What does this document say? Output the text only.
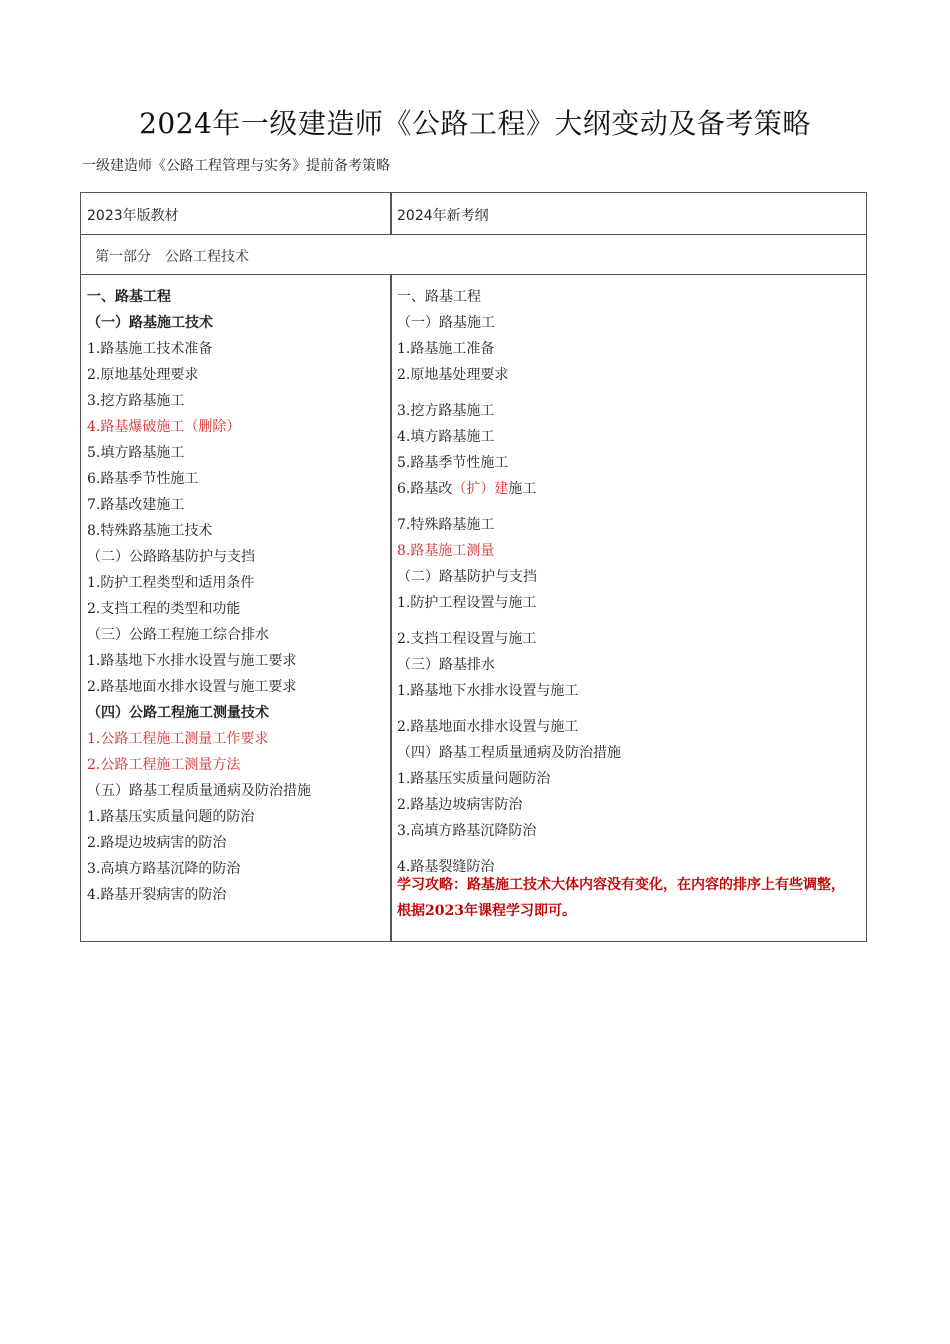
2024年一级建造师《公路工程》大纲变动及备考策略
一级建造师《公路工程管理与实务》提前备考策略
2023年版教材	2024年新考纲
第一部分　公路工程技术
一、路基工程
（一）路基施工技术
1.路基施工技术准备
2.原地基处理要求
3.挖方路基施工
4.路基爆破施工（删除）
5.填方路基施工
6.路基季节性施工
7.路基改建施工
8.特殊路基施工技术
（二）公路路基防护与支挡
1.防护工程类型和适用条件
2.支挡工程的类型和功能
（三）公路工程施工综合排水
1.路基地下水排水设置与施工要求
2.路基地面水排水设置与施工要求
（四）公路工程施工测量技术
1.公路工程施工测量工作要求
2.公路工程施工测量方法
（五）路基工程质量通病及防治措施
1.路基压实质量问题的防治
2.路堤边坡病害的防治
3.高填方路基沉降的防治
4.路基开裂病害的防治
一、路基工程
（一）路基施工
1.路基施工准备
2.原地基处理要求
3.挖方路基施工
4.填方路基施工
5.路基季节性施工
6.路基改（扩）建施工
7.特殊路基施工
8.路基施工测量
（二）路基防护与支挡
1.防护工程设置与施工
2.支挡工程设置与施工
（三）路基排水
1.路基地下水排水设置与施工
2.路基地面水排水设置与施工
（四）路基工程质量通病及防治措施
1.路基压实质量问题防治
2.路基边坡病害防治
3.高填方路基沉降防治
4.路基裂缝防治
学习攻略：路基施工技术大体内容没有变化，在内容的排序上有些调整，根据2023年课程学习即可。
